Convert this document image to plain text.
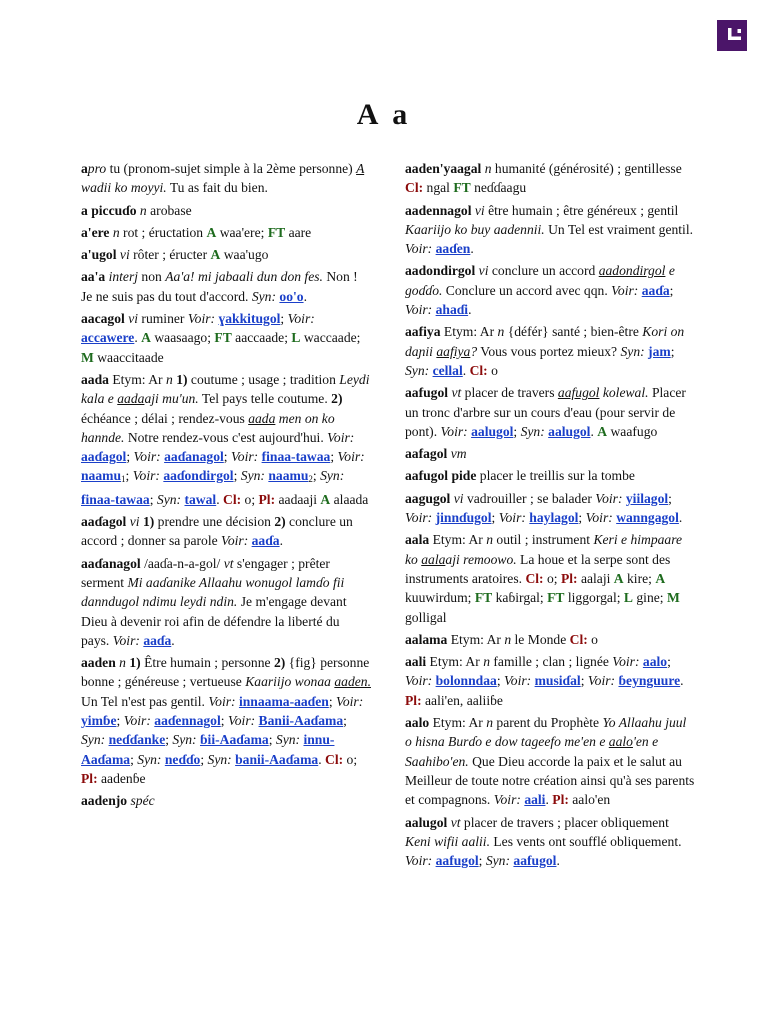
A a
apro tu (pronom-sujet simple à la 2ème personne) A wadii ko moyyi. Tu as fait du bien.
a piccuɗo n arobase
a'ere n rot ; éructation A waa'ere; FT aare
a'ugol vi rôter ; éructer A waa'ugo
aa'a interj non Aa'a! mi jabaali dun don fes. Non ! Je ne suis pas du tout d'accord. Syn: oo'o.
aacagol vi ruminer Voir: ɣakkitugol; Voir: accawere. A waasaago; FT aaccaade; L waccaade; M waaccitaade
aada Etym: Ar n 1) coutume ; usage ; tradition Leydi kala e aadaaji mu'un. Tel pays telle coutume. 2) échéance ; délai ; rendez-vous aada men on ko hannde. Notre rendez-vous c'est aujourd'hui. Voir: aaɗagol; Voir: aaɗanagol; Voir: finaa-tawaa; Voir: naamu1; Voir: aaɗondirgol; Syn: naamu2; Syn: finaa-tawaa; Syn: tawal. Cl: o; Pl: aadaaji A alaada
aaɗagol vi 1) prendre une décision 2) conclure un accord ; donner sa parole Voir: aaɗa.
aaɗanagol /aaɗa-n-a-gol/ vt s'engager ; prêter serment Mi aaɗanike Allaahu wonugol lamɗo fii danndugol ndimu leydi ndin. Je m'engage devant Dieu à devenir roi afin de défendre la liberté du pays. Voir: aaɗa.
aaden n 1) Être humain ; personne 2) {fig} personne bonne ; généreuse ; vertueuse Kaariijo wonaa aaden. Un Tel n'est pas gentil. Voir: innaama-aaɗen; Voir: yimɓe; Voir: aaɗennagol; Voir: Banii-Aaɗama; Syn: neɗɗanke; Syn: ɓii-Aaɗama; Syn: innu-Aaɗama; Syn: neɗɗo; Syn: banii-Aaɗama. Cl: o; Pl: aadenɓe
aadenjo spéc
aaden'yaagal n humanité (générosité) ; gentillesse Cl: ngal FT neɗɗaagu
aadennagol vi être humain ; être généreux ; gentil Kaariijo ko buy aadennii. Un Tel est vraiment gentil. Voir: aaɗen.
aadondirgol vi conclure un accord aadondirgol e goɗɗo. Conclure un accord avec qqn. Voir: aaɗa; Voir: ahaɗi.
aafiya Etym: Ar n {défér} santé ; bien-être Kori on daɲii aafiya? Vous vous portez mieux? Syn: jam; Syn: cellal. Cl: o
aafugol vt placer de travers aafugol kolewal. Placer un tronc d'arbre sur un cours d'eau (pour servir de pont). Voir: aalugol; Syn: aalugol. A waafugo
aafagol vm
aafugol pide placer le treillis sur la tombe
aagugol vi vadrouiller ; se balader Voir: yiilagol; Voir: jinnɗugol; Voir: haylagol; Voir: wanngagol.
aala Etym: Ar n outil ; instrument Keri e himpaare ko aalaaji remoowo. La houe et la serpe sont des instruments aratoires. Cl: o; Pl: aalaji A kire; A kuuwirdum; FT kaɓirgal; FT liggorgal; L gine; M golligal
aalama Etym: Ar n le Monde Cl: o
aali Etym: Ar n famille ; clan ; lignée Voir: aalo; Voir: bolonndaa; Voir: musiɗal; Voir: ɓeynguure. Pl: aali'en, aaliiɓe
aalo Etym: Ar n parent du Prophète Yo Allaahu juul o hisna Burɗo e dow tageefo me'en e aalo'en e Saahibo'en. Que Dieu accorde la paix et le salut au Meilleur de toute notre création ainsi qu'à ses parents et compagnons. Voir: aali. Pl: aalo'en
aalugol vt placer de travers ; placer obliquement Keni wifii aalii. Les vents ont soufflé obliquement. Voir: aafugol; Syn: aafugol.
